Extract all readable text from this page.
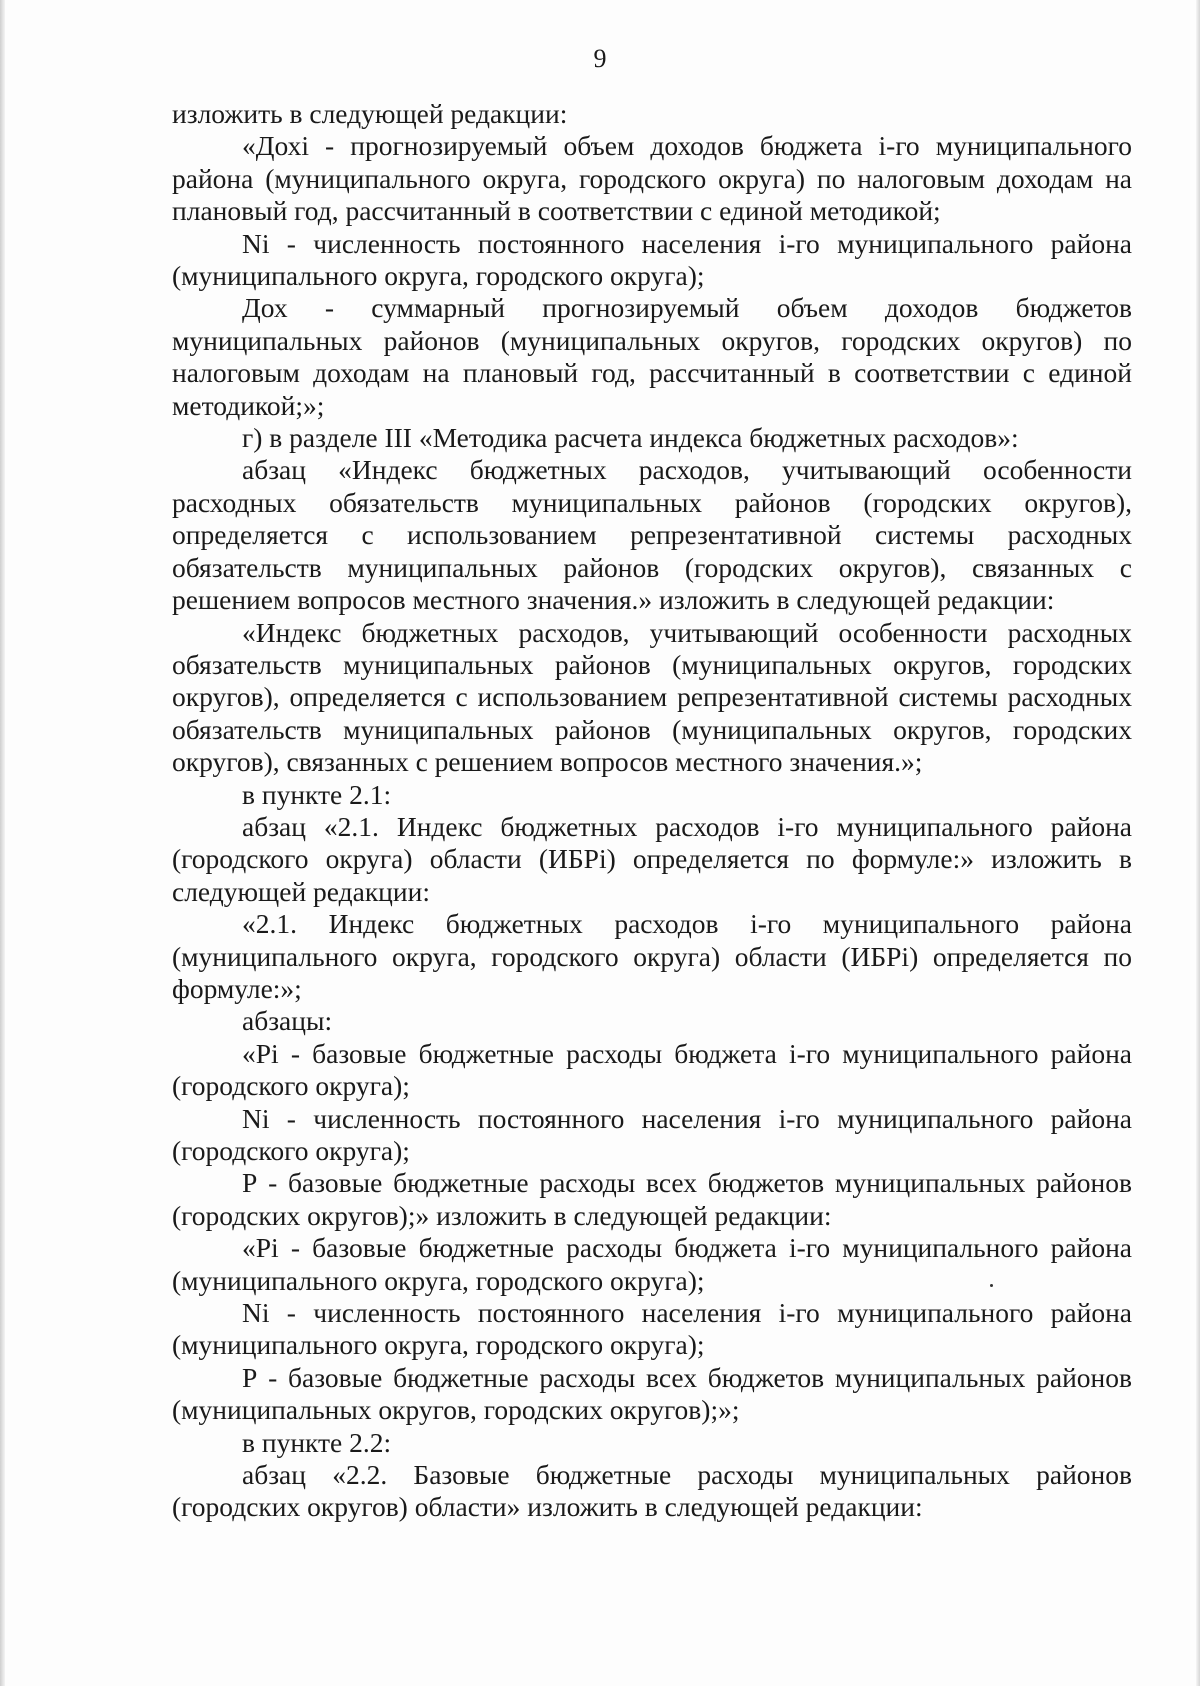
9

изложить в следующей редакции:

«Дохi - прогнозируемый объем доходов бюджета i-го муниципального района (муниципального округа, городского округа) по налоговым доходам на плановый год, рассчитанный в соответствии с единой методикой;

Ni - численность постоянного населения i-го муниципального района (муниципального округа, городского округа);

Дох - суммарный прогнозируемый объем доходов бюджетов муниципальных районов (муниципальных округов, городских округов) по налоговым доходам на плановый год, рассчитанный в соответствии с единой методикой;»;

г) в разделе III «Методика расчета индекса бюджетных расходов»:

абзац «Индекс бюджетных расходов, учитывающий особенности расходных обязательств муниципальных районов (городских округов), определяется с использованием репрезентативной системы расходных обязательств муниципальных районов (городских округов), связанных с решением вопросов местного значения.» изложить в следующей редакции:

«Индекс бюджетных расходов, учитывающий особенности расходных обязательств муниципальных районов (муниципальных округов, городских округов), определяется с использованием репрезентативной системы расходных обязательств муниципальных районов (муниципальных округов, городских округов), связанных с решением вопросов местного значения.»;

в пункте 2.1:

абзац «2.1. Индекс бюджетных расходов i-го муниципального района (городского округа) области (ИБРi) определяется по формуле:» изложить в следующей редакции:

«2.1. Индекс бюджетных расходов i-го муниципального района (муниципального округа, городского округа) области (ИБРi) определяется по формуле:»;

абзацы:

«Рi - базовые бюджетные расходы бюджета i-го муниципального района (городского округа);

Ni - численность постоянного населения i-го муниципального района (городского округа);

Р - базовые бюджетные расходы всех бюджетов муниципальных районов (городских округов);» изложить в следующей редакции:

«Рi - базовые бюджетные расходы бюджета i-го муниципального района (муниципального округа, городского округа);

Ni - численность постоянного населения i-го муниципального района (муниципального округа, городского округа);

Р - базовые бюджетные расходы всех бюджетов муниципальных районов (муниципальных округов, городских округов);»;

в пункте 2.2:

абзац «2.2. Базовые бюджетные расходы муниципальных районов (городских округов) области» изложить в следующей редакции:
